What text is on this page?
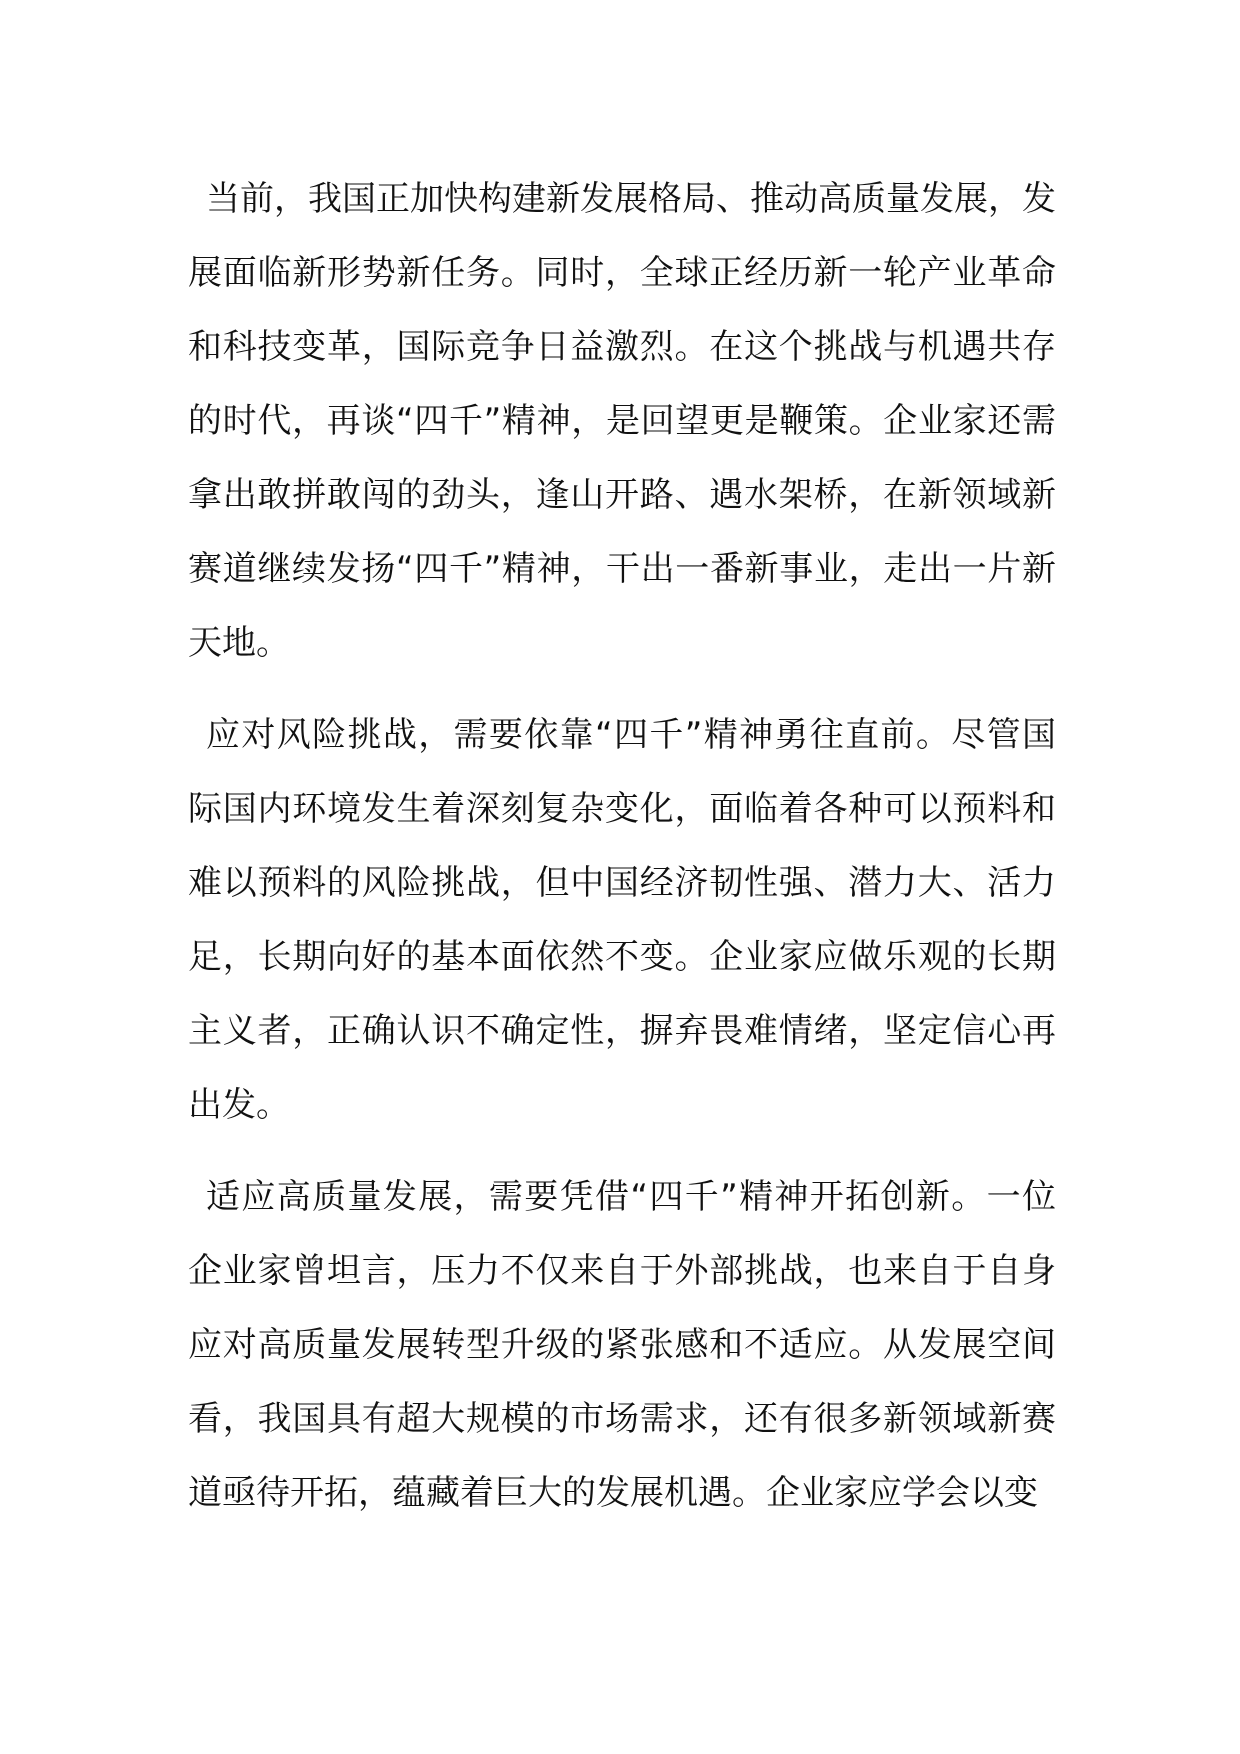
当前，我国正加快构建新发展格局、推动高质量发展，发展面临新形势新任务。同时，全球正经历新一轮产业革命和科技变革，国际竞争日益激烈。在这个挑战与机遇共存的时代，再谈“四千”精神，是回望更是鞭策。企业家还需拿出敢拼敢闯的劲头，逢山开路、遇水架桥，在新领域新赛道继续发扬“四千”精神，干出一番新事业，走出一片新天地。

应对风险挑战，需要依靠“四千”精神勇往直前。尽管国际国内环境发生着深刻复杂变化，面临着各种可以预料和难以预料的风险挑战，但中国经济韧性强、潜力大、活力足，长期向好的基本面依然不变。企业家应做乐观的长期主义者，正确认识不确定性，摒弃畏难情绪，坚定信心再出发。

适应高质量发展，需要凭借“四千”精神开拓创新。一位企业家曾坦言，压力不仅来自于外部挑战，也来自于自身应对高质量发展转型升级的紧张感和不适应。从发展空间看，我国具有超大规模的市场需求，还有很多新领域新赛道亟待开拓，蕴藏着巨大的发展机遇。企业家应学会以变
